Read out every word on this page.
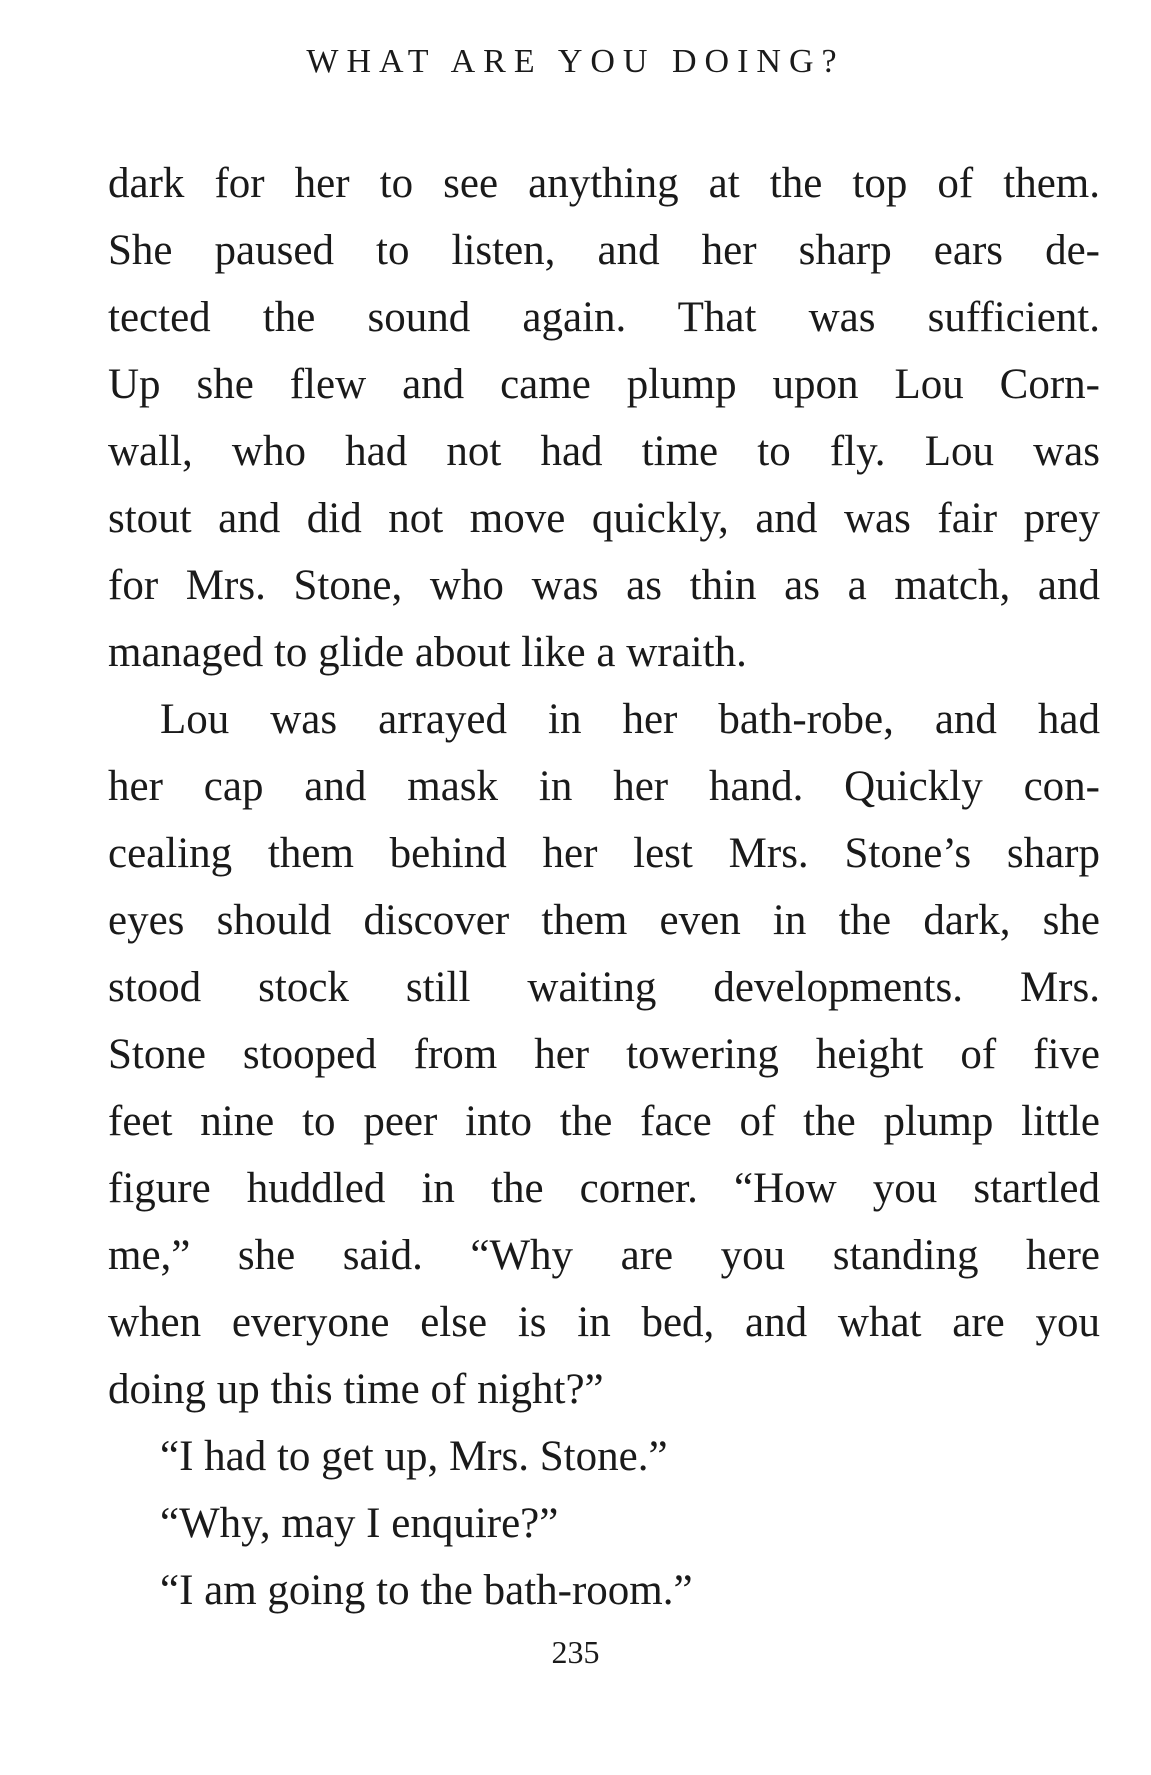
WHAT ARE YOU DOING?
dark for her to see anything at the top of them.
She paused to listen, and her sharp ears de-
tected the sound again. That was sufficient.
Up she flew and came plump upon Lou Corn-
wall, who had not had time to fly. Lou was
stout and did not move quickly, and was fair prey
for Mrs. Stone, who was as thin as a match, and
managed to glide about like a wraith.
Lou was arrayed in her bath-robe, and had
her cap and mask in her hand. Quickly con-
cealing them behind her lest Mrs. Stone’s sharp
eyes should discover them even in the dark, she
stood stock still waiting developments. Mrs.
Stone stooped from her towering height of five
feet nine to peer into the face of the plump little
figure huddled in the corner. “How you startled
me,” she said. “Why are you standing here
when everyone else is in bed, and what are you
doing up this time of night?”
“I had to get up, Mrs. Stone.”
“Why, may I enquire?”
“I am going to the bath-room.”
235
